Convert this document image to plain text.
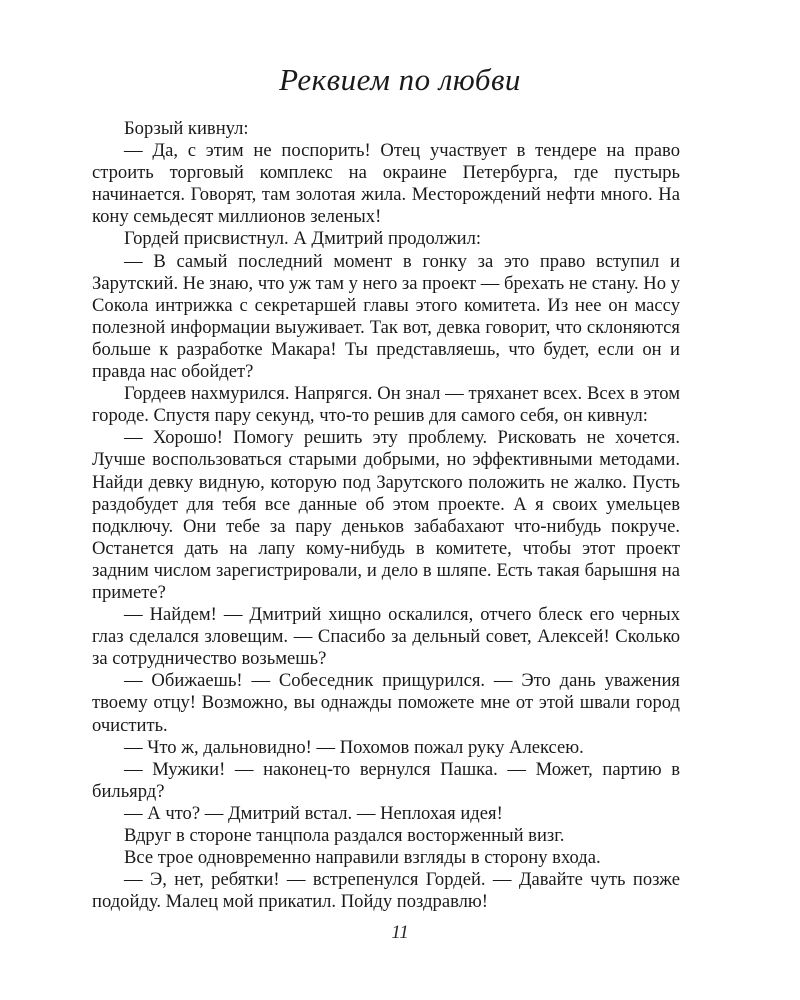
Реквием по любви

Борзый кивнул:

— Да, с этим не поспорить! Отец участвует в тендере на право строить торговый комплекс на окраине Петербурга, где пустырь начинается. Говорят, там золотая жила. Месторождений нефти много. На кону семьдесят миллионов зеленых!

Гордей присвистнул. А Дмитрий продолжил:

— В самый последний момент в гонку за это право вступил и Зарутский. Не знаю, что уж там у него за проект — брехать не стану. Но у Сокола интрижка с секретаршей главы этого комитета. Из нее он массу полезной информации выуживает. Так вот, девка говорит, что склоняются больше к разработке Макара! Ты представляешь, что будет, если он и правда нас обойдет?

Гордеев нахмурился. Напрягся. Он знал — тряханет всех. Всех в этом городе. Спустя пару секунд, что-то решив для самого себя, он кивнул:

— Хорошо! Помогу решить эту проблему. Рисковать не хочется. Лучше воспользоваться старыми добрыми, но эффективными методами. Найди девку видную, которую под Зарутского положить не жалко. Пусть раздобудет для тебя все данные об этом проекте. А я своих умельцев подключу. Они тебе за пару деньков забабахают что-нибудь покруче. Останется дать на лапу кому-нибудь в комитете, чтобы этот проект задним числом зарегистрировали, и дело в шляпе. Есть такая барышня на примете?

— Найдем! — Дмитрий хищно оскалился, отчего блеск его черных глаз сделался зловещим. — Спасибо за дельный совет, Алексей! Сколько за сотрудничество возьмешь?

— Обижаешь! — Собеседник прищурился. — Это дань уважения твоему отцу! Возможно, вы однажды поможете мне от этой швали город очистить.

— Что ж, дальновидно! — Похомов пожал руку Алексею.

— Мужики! — наконец-то вернулся Пашка. — Может, партию в бильярд?

— А что? — Дмитрий встал. — Неплохая идея!

Вдруг в стороне танцпола раздался восторженный визг.

Все трое одновременно направили взгляды в сторону входа.

— Э, нет, ребятки! — встрепенулся Гордей. — Давайте чуть позже подойду. Малец мой прикатил. Пойду поздравлю!

11
